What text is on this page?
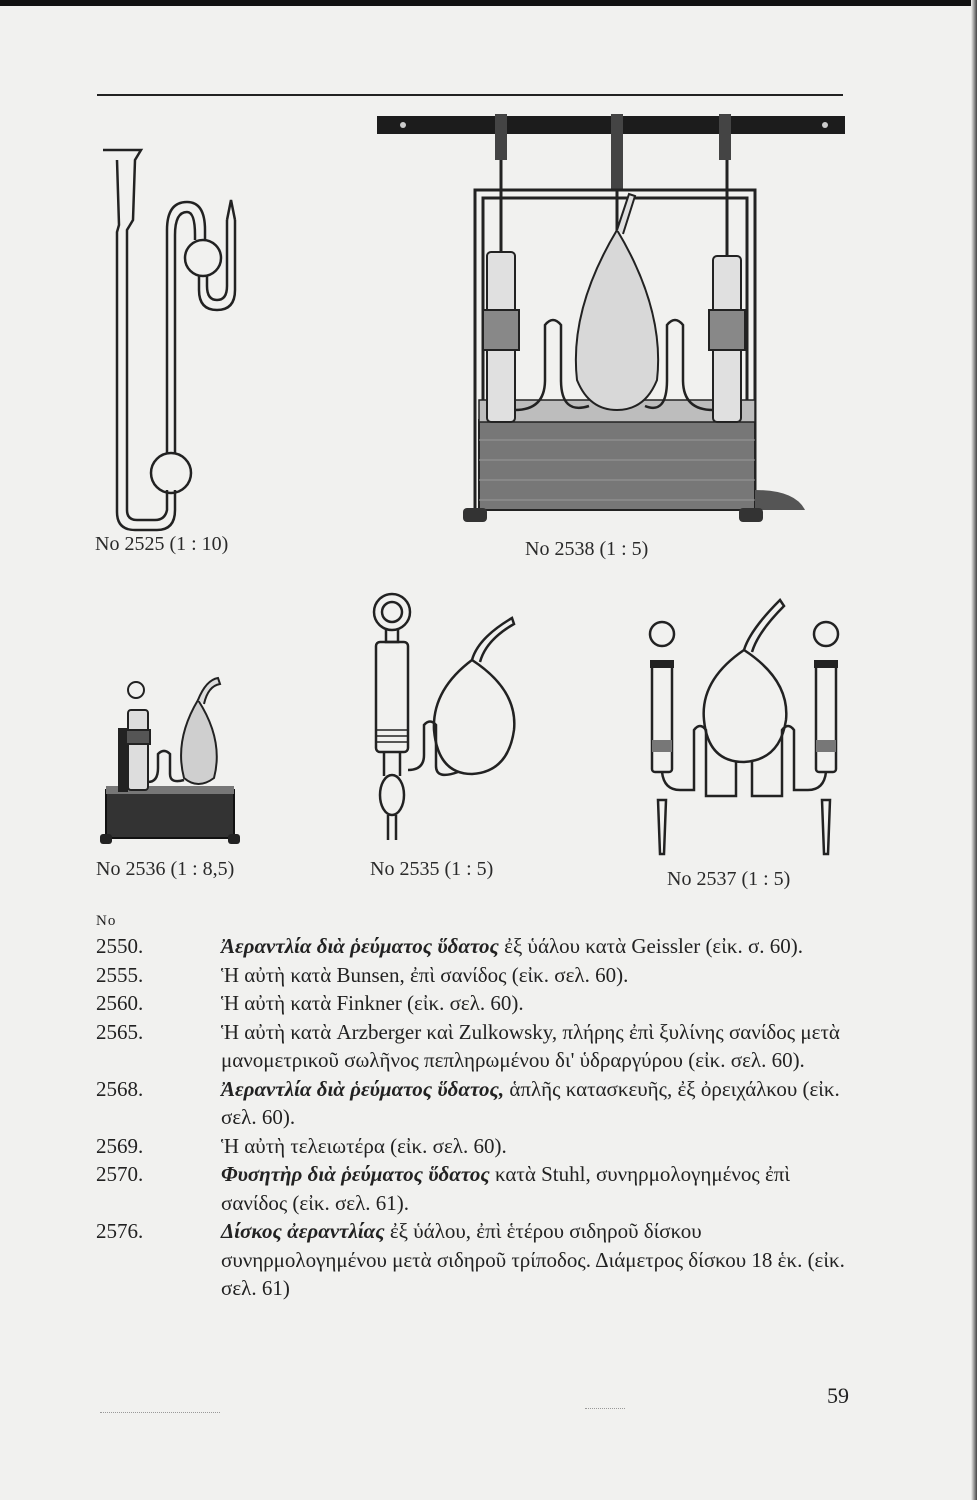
No 2525 (1 : 10)	No 2538 (1 : 5)
No 2536 (1 : 8,5)	No 2535 (1 : 5)	No 2537 (1 : 5)
No
2550.	Ἀεραντλία διὰ ῥεύματος ὕδατος ἐξ ὑάλου κατὰ Geissler (εἰκ. σ. 60).
2555.	Ἡ αὐτὴ κατὰ Bunsen, ἐπὶ σανίδος (εἰκ. σελ. 60).
2560.	Ἡ αὐτὴ κατὰ Finkner (εἰκ. σελ. 60).
2565.	Ἡ αὐτὴ κατὰ Arzberger καὶ Zulkowsky, πλήρης ἐπὶ ξυλίνης σανίδος μετὰ μανομετρικοῦ σωλῆνος πεπληρωμένου δι' ὑδραργύρου (εἰκ. σελ. 60).
2568.	Ἀεραντλία διὰ ῥεύματος ὕδατος, ἁπλῆς κατασκευῆς, ἐξ ὀρειχάλκου (εἰκ. σελ. 60).
2569.	Ἡ αὐτὴ τελειωτέρα (εἰκ. σελ. 60).
2570.	Φυσητὴρ διὰ ῥεύματος ὕδατος κατὰ Stuhl, συνηρμολογημένος ἐπὶ σανίδος (εἰκ. σελ. 61).
2576.	Δίσκος ἀεραντλίας ἐξ ὑάλου, ἐπὶ ἑτέρου σιδηροῦ δίσκου συνηρμολογημένου μετὰ σιδηροῦ τρίποδος. Διάμετρος δίσκου 18 ἑκ. (εἰκ. σελ. 61)
59
